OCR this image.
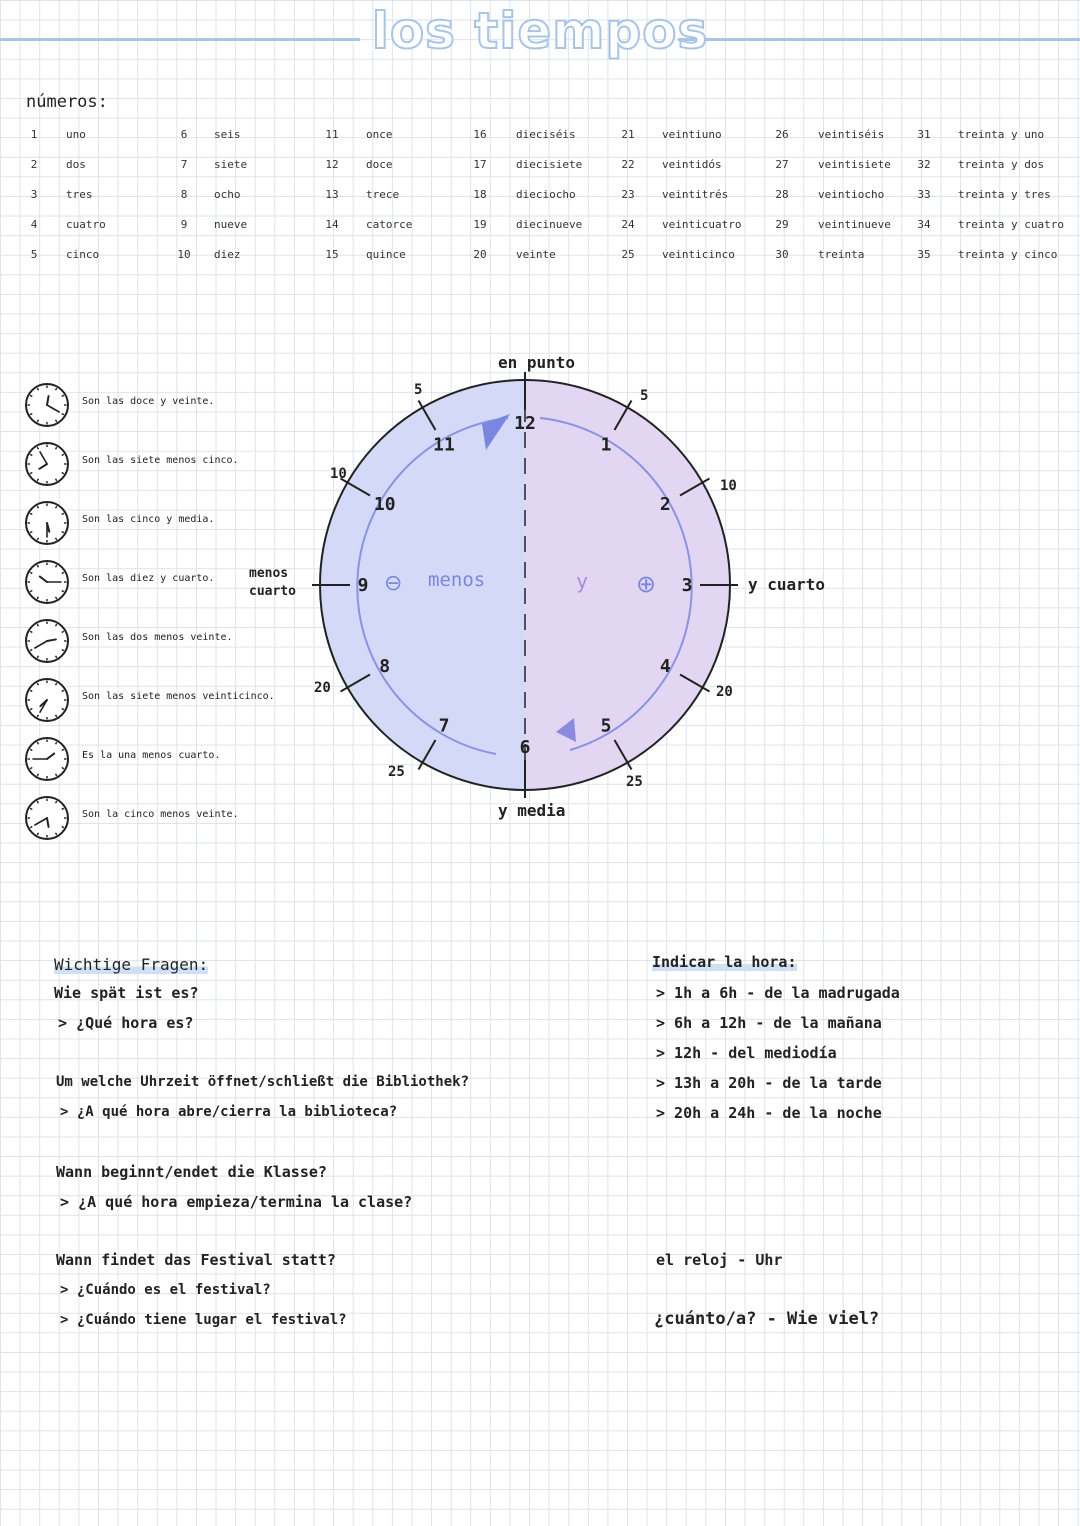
los tiempos
números:
1	uno
2	dos
3	tres
4	cuatro
5	cinco
6	seis
7	siete
8	ocho
9	nueve
10	diez
11	once
12	doce
13	trece
14	catorce
15	quince
16	dieciséis
17	diecisiete
18	dieciocho
19	diecinueve
20	veinte
21	veintiuno
22	veintidós
23	veintitrés
24	veinticuatro
25	veinticinco
26	veintiséis
27	veintisiete
28	veintiocho
29	veintinueve
30	treinta
31	treinta y uno
32	treinta y dos
33	treinta y tres
34	treinta y cuatro
35	treinta y cinco
Son las doce y veinte.
Son las siete menos cinco.
Son las cinco y media.
Son las diez y cuarto.
Son las dos menos veinte.
Son las siete menos veinticinco.
Es la una menos cuarto.
Son la cinco menos veinte.
12
1
2
3
4
5
6
7
8
9
10
11
5
10
20
25
25
20
10
5
⊖ menos	y ⊕
en punto
y media
y cuarto
menos
cuarto
Wichtige Fragen:
Wie spät ist es?
> ¿Qué hora es?
Um welche Uhrzeit öffnet/schließt die Bibliothek?
> ¿A qué hora abre/cierra la biblioteca?
Wann beginnt/endet die Klasse?
> ¿A qué hora empieza/termina la clase?
Wann findet das Festival statt?
> ¿Cuándo es el festival?
> ¿Cuándo tiene lugar el festival?
Indicar la hora:
> 1h a 6h - de la madrugada
> 6h a 12h - de la mañana
> 12h - del mediodía
> 13h a 20h - de la tarde
> 20h a 24h - de la noche
el reloj - Uhr
¿cuánto/a? - Wie viel?
